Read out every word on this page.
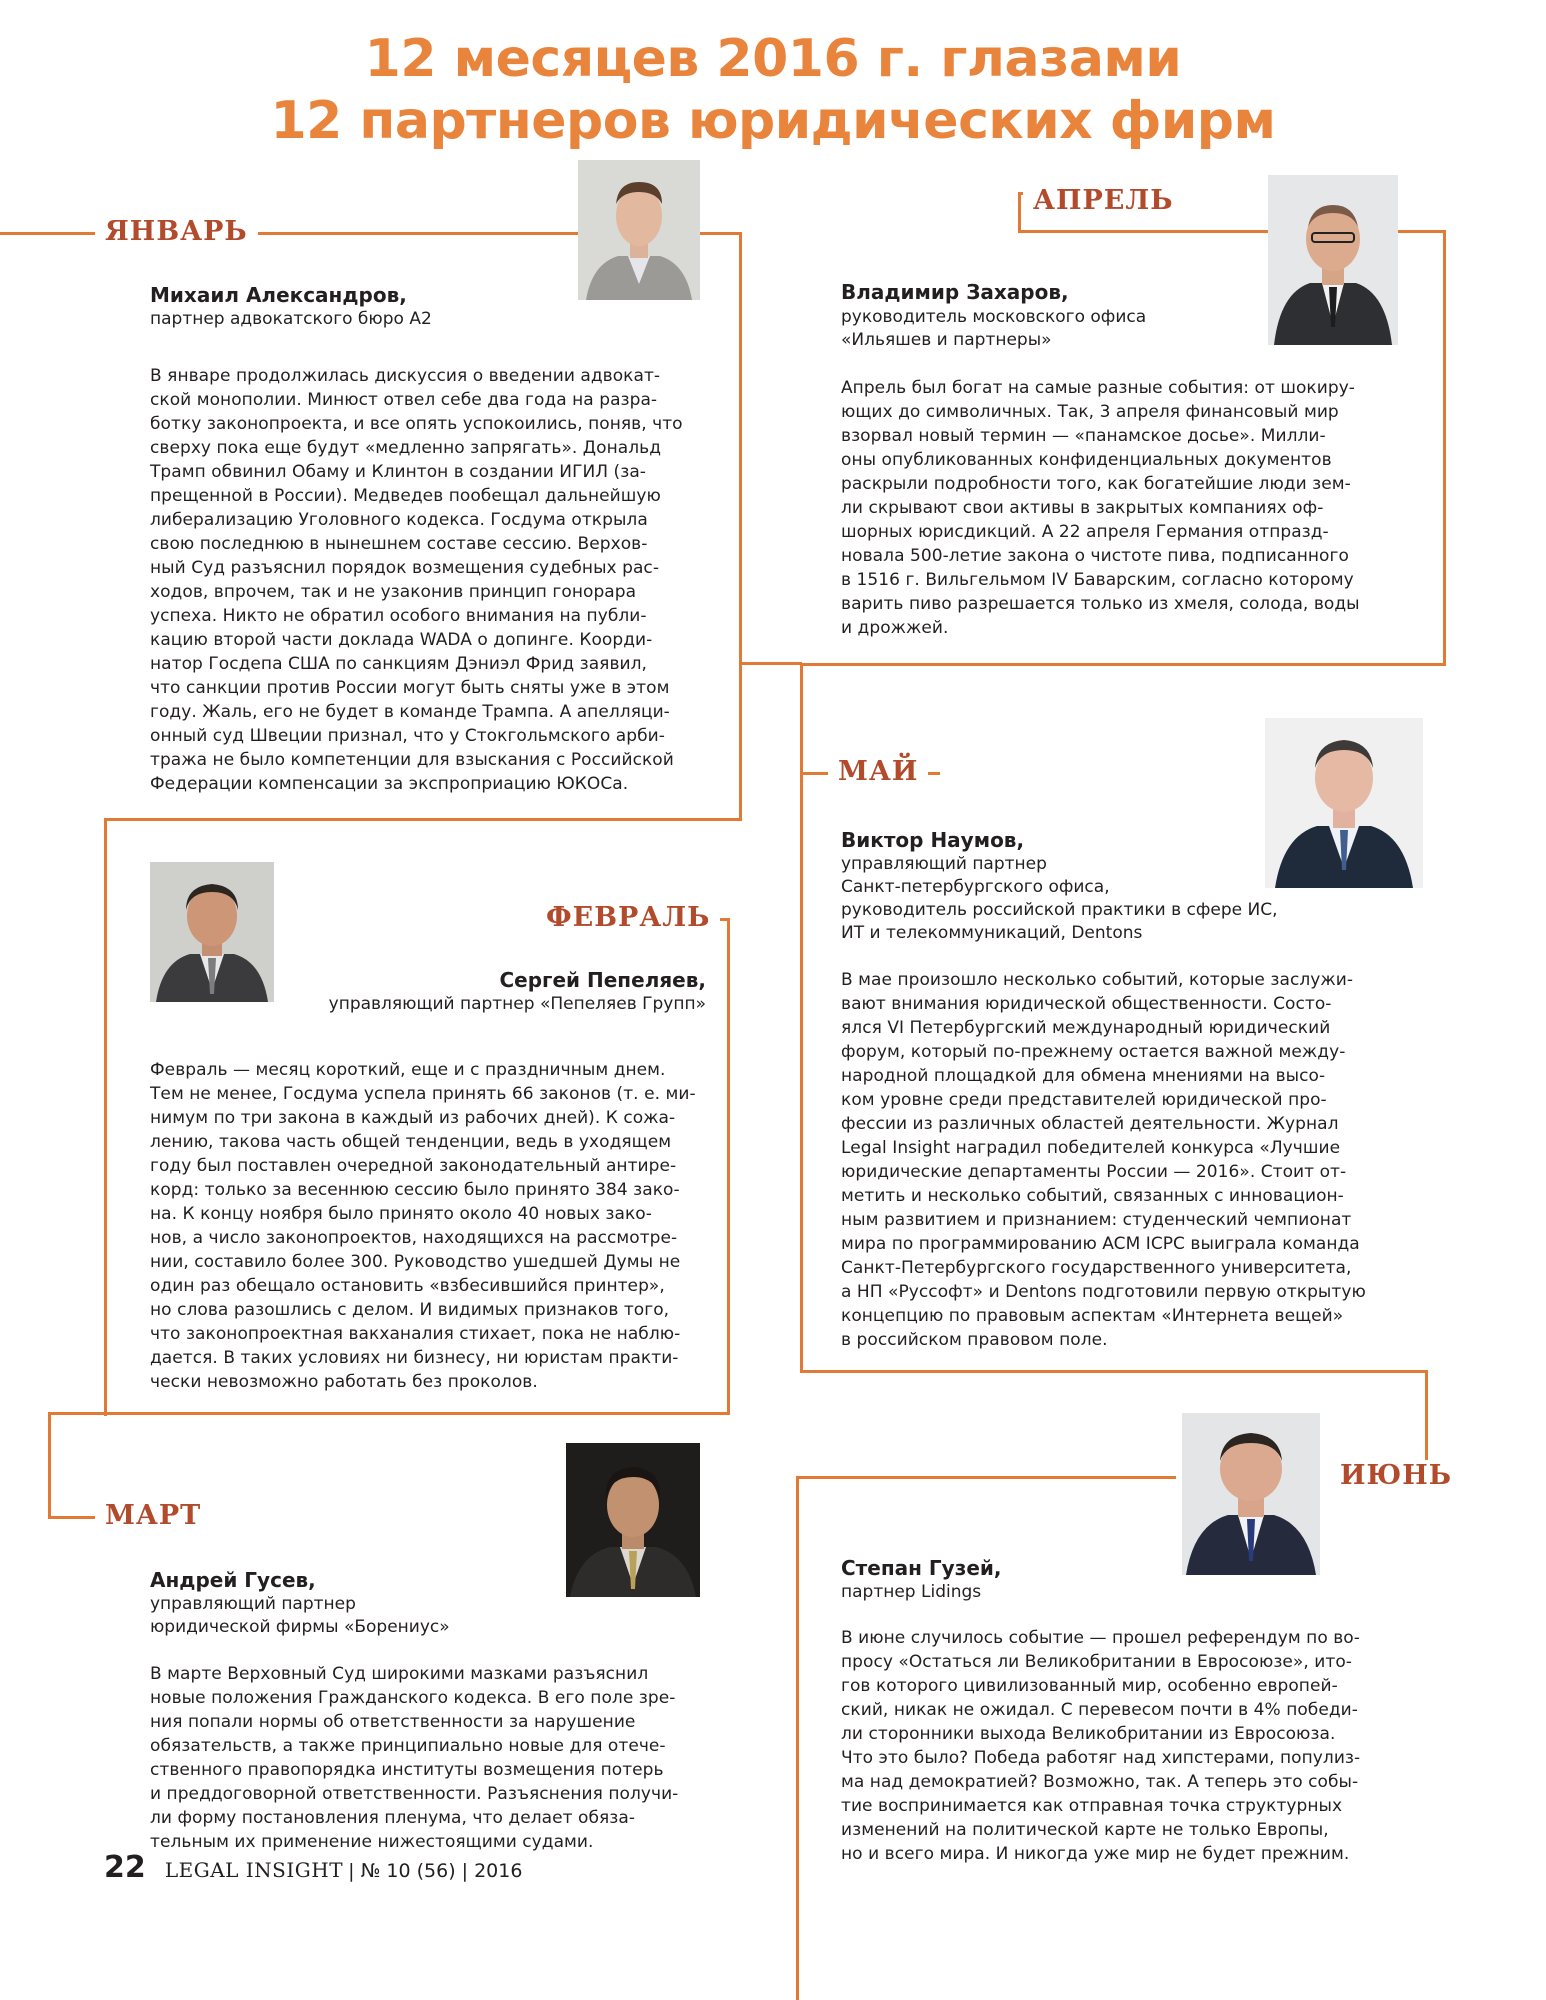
12 месяцев 2016 г. глазами
12 партнеров юридических фирм
ЯНВАРЬ
Михаил Александров,
партнер адвокатского бюро А2
В январе продолжилась дискуссия о введении адвокат-
ской монополии. Минюст отвел себе два года на разра-
ботку законопроекта, и все опять успокоились, поняв, что
сверху пока еще будут «медленно запрягать». Дональд
Трамп обвинил Обаму и Клинтон в создании ИГИЛ (за-
прещенной в России). Медведев пообещал дальнейшую
либерализацию Уголовного кодекса. Госдума открыла
свою последнюю в нынешнем составе сессию. Верхов-
ный Суд разъяснил порядок возмещения судебных рас-
ходов, впрочем, так и не узаконив принцип гонорара
успеха. Никто не обратил особого внимания на публи-
кацию второй части доклада WADA о допинге. Коорди-
натор Госдепа США по санкциям Дэниэл Фрид заявил,
что санкции против России могут быть сняты уже в этом
году. Жаль, его не будет в команде Трампа. А апелляци-
онный суд Швеции признал, что у Стокгольмского арби-
тража не было компетенции для взыскания с Российской
Федерации компенсации за экспроприацию ЮКОСа.
ФЕВРАЛЬ
Сергей Пепеляев,
управляющий партнер «Пепеляев Групп»
Февраль — месяц короткий, еще и с праздничным днем.
Тем не менее, Госдума успела принять 66 законов (т. е. ми-
нимум по три закона в каждый из рабочих дней). К сожа-
лению, такова часть общей тенденции, ведь в уходящем
году был поставлен очередной законодательный антире-
корд: только за весеннюю сессию было принято 384 зако-
на. К концу ноября было принято около 40 новых зако-
нов, а число законопроектов, находящихся на рассмотре-
нии, составило более 300. Руководство ушедшей Думы не
один раз обещало остановить «взбесившийся принтер»,
но слова разошлись с делом. И видимых признаков того,
что законопроектная вакханалия стихает, пока не наблю-
дается. В таких условиях ни бизнесу, ни юристам практи-
чески невозможно работать без проколов.
МАРТ
Андрей Гусев,
управляющий партнер
юридической фирмы «Борениус»
В марте Верховный Суд широкими мазками разъяснил
новые положения Гражданского кодекса. В его поле зре-
ния попали нормы об ответственности за нарушение
обязательств, а также принципиально новые для отече-
ственного правопорядка институты возмещения потерь
и преддоговорной ответственности. Разъяснения получи-
ли форму постановления пленума, что делает обяза-
тельным их применение нижестоящими судами.
АПРЕЛЬ
Владимир Захаров,
руководитель московского офиса
«Ильяшев и партнеры»
Апрель был богат на самые разные события: от шокиру-
ющих до символичных. Так, 3 апреля финансовый мир
взорвал новый термин — «панамское досье». Милли-
оны опубликованных конфиденциальных документов
раскрыли подробности того, как богатейшие люди зем-
ли скрывают свои активы в закрытых компаниях оф-
шорных юрисдикций. А 22 апреля Германия отпразд-
новала 500-летие закона о чистоте пива, подписанного
в 1516 г. Вильгельмом IV Баварским, согласно которому
варить пиво разрешается только из хмеля, солода, воды
и дрожжей.
МАЙ
Виктор Наумов,
управляющий партнер
Санкт-петербургского офиса,
руководитель российской практики в сфере ИС,
ИТ и телекоммуникаций, Dentons
В мае произошло несколько событий, которые заслужи-
вают внимания юридической общественности. Состо-
ялся VI Петербургский международный юридический
форум, который по-прежнему остается важной между-
народной площадкой для обмена мнениями на высо-
ком уровне среди представителей юридической про-
фессии из различных областей деятельности. Журнал
Legal Insight наградил победителей конкурса «Лучшие
юридические департаменты России — 2016». Стоит от-
метить и несколько событий, связанных с инновацион-
ным развитием и признанием: студенческий чемпионат
мира по программированию ACM ICPC выиграла команда
Санкт-Петербургского государственного университета,
а НП «Руссофт» и Dentons подготовили первую открытую
концепцию по правовым аспектам «Интернета вещей»
в российском правовом поле.
ИЮНЬ
Степан Гузей,
партнер Lidings
В июне случилось событие — прошел референдум по во-
просу «Остаться ли Великобритании в Евросоюзе», ито-
гов которого цивилизованный мир, особенно европей-
ский, никак не ожидал. С перевесом почти в 4% победи-
ли сторонники выхода Великобритании из Евросоюза.
Что это было? Победа работяг над хипстерами, популиз-
ма над демократией? Возможно, так. А теперь это собы-
тие воспринимается как отправная точка структурных
изменений на политической карте не только Европы,
но и всего мира. И никогда уже мир не будет прежним.
22 LEGAL INSIGHT | № 10 (56) | 2016
